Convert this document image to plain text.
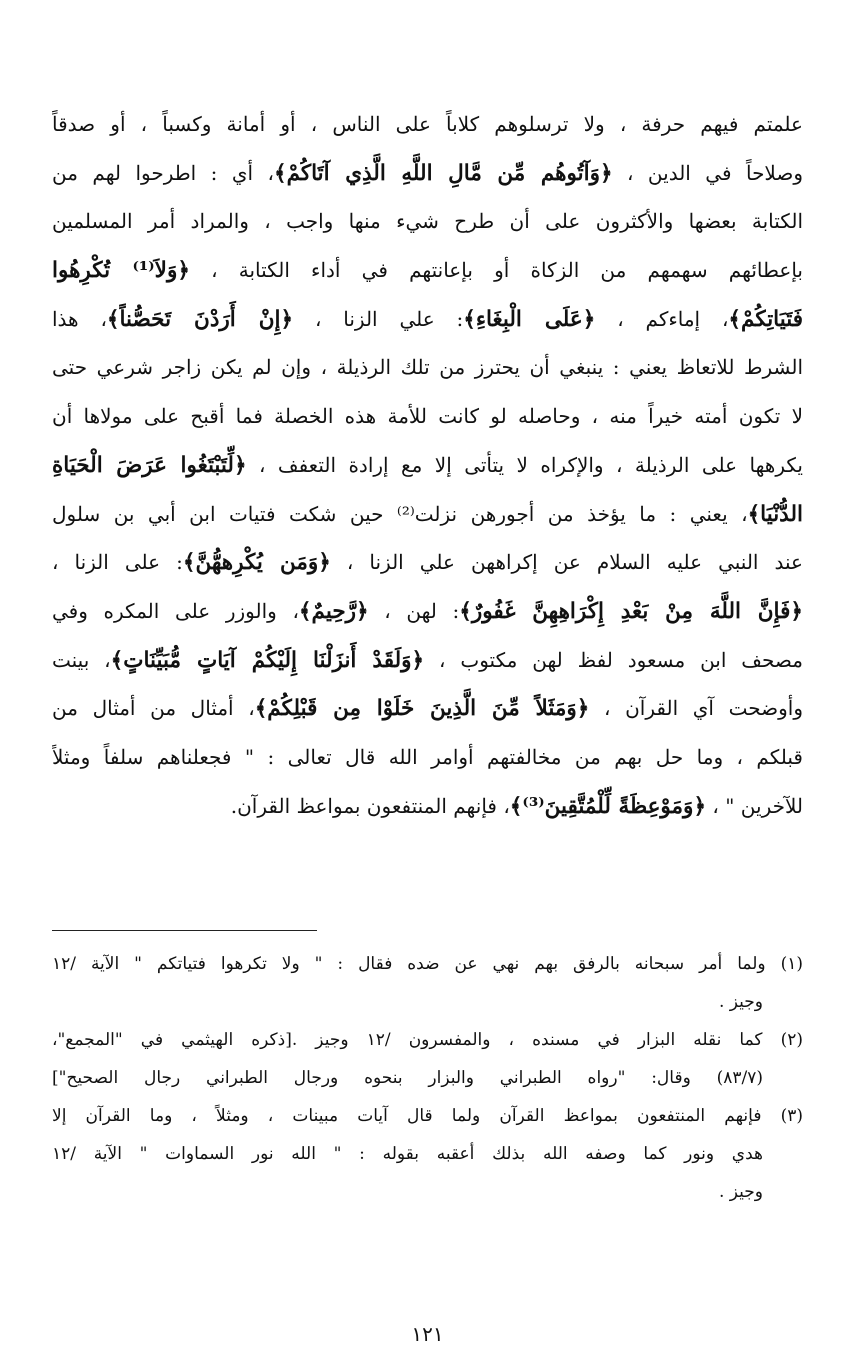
علمتم فيهم حرفة ، ولا ترسلوهم كلاباً على الناس ، أو أمانة وكسباً ، أو صدقاً
وصلاحاً في الدين ، ﴿وَآتُوهُم مِّن مَّالِ اللَّهِ الَّذِي آتَاكُمْ﴾، أي : اطرحوا لهم من
الكتابة بعضها والأكثرون على أن طرح شيء منها واجب ، والمراد أمر المسلمين
بإعطائهم سهمهم من الزكاة أو بإعانتهم في أداء الكتابة ، ﴿وَلاَ⁽¹⁾ تُكْرِهُوا
فَتَيَاتِكُمْ﴾، إماءكم ، ﴿عَلَى الْبِغَاءِ﴾: علي الزنا ، ﴿إِنْ أَرَدْنَ تَحَصُّناً﴾، هذا
الشرط للاتعاظ يعني : ينبغي أن يحترز من تلك الرذيلة ، وإن لم يكن زاجر شرعي حتى
لا تكون أمته خيراً منه ، وحاصله لو كانت للأمة هذه الخصلة فما أقبح على مولاها أن
يكرهها على الرذيلة ، والإكراه لا يتأتى إلا مع إرادة التعفف ، ﴿لِّتَبْتَغُوا عَرَضَ الْحَيَاةِ
الدُّنْيَا﴾، يعني : ما يؤخذ من أجورهن نزلت⁽²⁾ حين شكت فتيات ابن أبي بن سلول
عند النبي عليه السلام عن إكراههن علي الزنا ، ﴿وَمَن يُكْرِههُّنَّ﴾: على الزنا ،
﴿فَإِنَّ اللَّهَ مِنْ بَعْدِ إِكْرَاهِهِنَّ غَفُورٌ﴾: لهن ، ﴿رَّحِيمٌ﴾، والوزر على المكره وفي
مصحف ابن مسعود لفظ لهن مكتوب ، ﴿وَلَقَدْ أَنزَلْنَا إِلَيْكُمْ آيَاتٍ مُّبَيِّنَاتٍ﴾، بينت
وأوضحت آي القرآن ، ﴿وَمَثَلاً مِّنَ الَّذِينَ خَلَوْا مِن قَبْلِكُمْ﴾، أمثال من أمثال من
قبلكم ، وما حل بهم من مخالفتهم أوامر الله قال تعالى : " فجعلناهم سلفاً ومثلاً
للآخرين " ، ﴿وَمَوْعِظَةً لِّلْمُتَّقِينَ⁽³⁾﴾، فإنهم المنتفعون بمواعظ القرآن.
(١) ولما أمر سبحانه بالرفق بهم نهي عن ضده فقال : " ولا تكرهوا فتياتكم " الآية /١٢
وجيز .
(٢) كما نقله البزار في مسنده ، والمفسرون /١٢ وجيز .[ذكره الهيثمي في "المجمع"،
(٨٣/٧) وقال: "رواه الطبراني والبزار بنحوه ورجال الطبراني رجال الصحيح"]
(٣) فإنهم المنتفعون بمواعظ القرآن ولما قال آيات مبينات ، ومثلاً ، وما القرآن إلا
هدي ونور كما وصفه الله بذلك أعقبه بقوله : " الله نور السماوات " الآية /١٢
وجيز .
١٢١
